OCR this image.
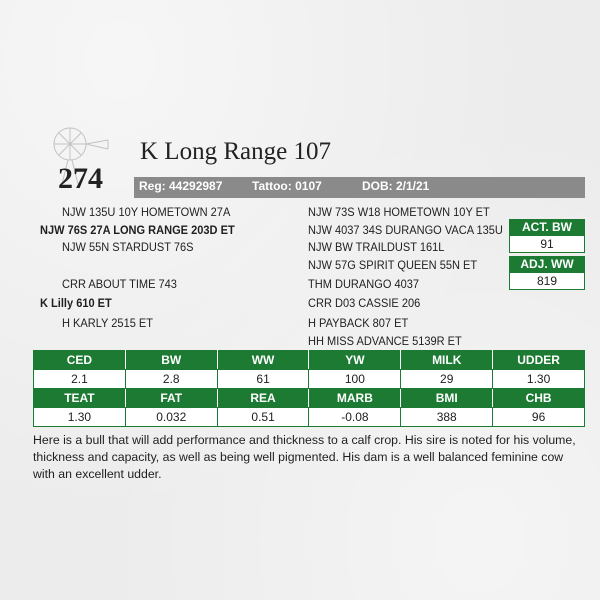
274
K Long Range 107
Reg: 44292987 Tattoo: 0107	DOB: 2/1/21
NJW 135U 10Y HOMETOWN 27A
NJW 76S 27A LONG RANGE 203D ET
NJW 55N STARDUST 76S
CRR ABOUT TIME 743
K Lilly 610 ET
H KARLY 2515 ET
NJW 73S W18 HOMETOWN 10Y ET
NJW 4037 34S DURANGO VACA 135U
NJW BW TRAILDUST 161L
NJW 57G SPIRIT QUEEN 55N ET
THM DURANGO 4037
CRR D03 CASSIE 206
H PAYBACK 807 ET
HH MISS ADVANCE 5139R ET
ACT. BW
91
ADJ. WW
819
CED	BW	WW	YW	MILK	UDDER
2.1	2.8	61	100	29	1.30
TEAT	FAT	REA	MARB	BMI	CHB
1.30	0.032	0.51	-0.08	388	96
Here is a bull that will add performance and thickness to a calf crop. His sire is noted for his volume, thickness and capacity, as well as being well pigmented. His dam is a well balanced feminine cow with an excellent udder.
